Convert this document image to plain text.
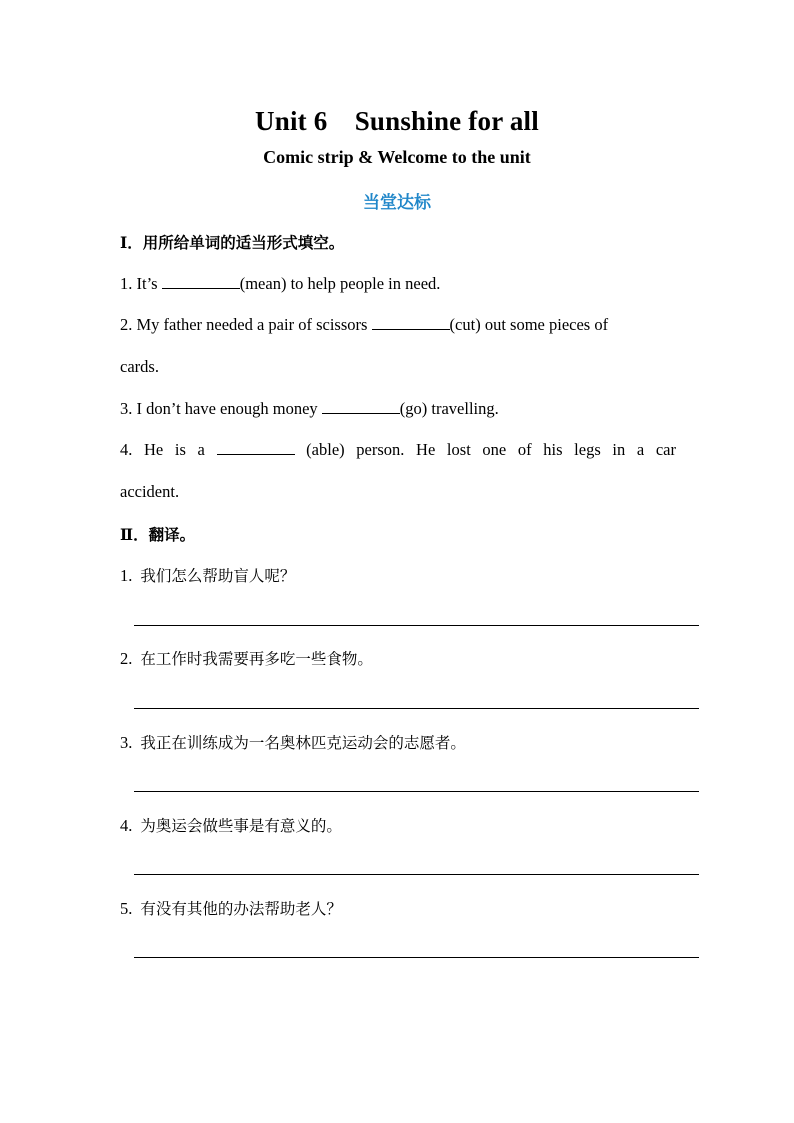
Unit 6　Sunshine for all
Comic strip & Welcome to the unit
当堂达标
Ⅰ．用所给单词的适当形式填空。
1. It’s	(mean) to help people in need.
2. My father needed a pair of scissors	(cut) out some pieces of
cards.
3. I don’t have enough money	(go) travelling.
4. He is a	(able) person. He lost one of his legs in a car
accident.
Ⅱ．翻译。
1. 我们怎么帮助盲人呢？
2. 在工作时我需要再多吃一些食物。
3. 我正在训练成为一名奥林匹克运动会的志愿者。
4. 为奥运会做些事是有意义的。
5. 有没有其他的办法帮助老人？
